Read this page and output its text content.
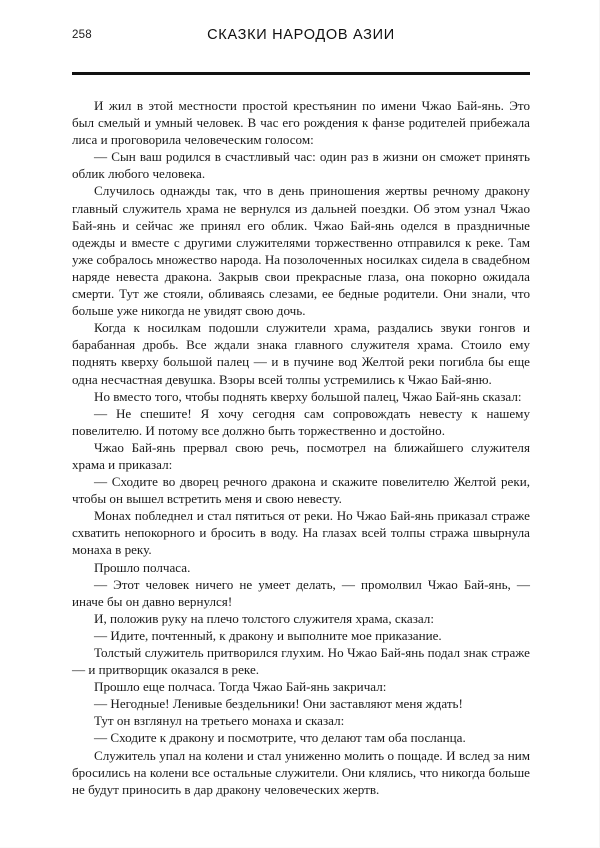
258	СКАЗКИ НАРОДОВ АЗИИ

И жил в этой местности простой крестьянин по имени Чжао Бай-янь. Это был смелый и умный человек. В час его рождения к фанзе родителей прибежала лиса и проговорила человеческим голосом:

— Сын ваш родился в счастливый час: один раз в жизни он сможет принять облик любого человека.

Случилось однажды так, что в день приношения жертвы речному дракону главный служитель храма не вернулся из дальней поездки. Об этом узнал Чжао Бай-янь и сейчас же принял его облик. Чжао Бай-янь оделся в праздничные одежды и вместе с другими служителями торжественно отправился к реке. Там уже собралось множество народа. На позолоченных носилках сидела в свадебном наряде невеста дракона. Закрыв свои прекрасные глаза, она покорно ожидала смерти. Тут же стояли, обливаясь слезами, ее бедные родители. Они знали, что больше уже никогда не увидят свою дочь.

Когда к носилкам подошли служители храма, раздались звуки гонгов и барабанная дробь. Все ждали знака главного служителя храма. Стоило ему поднять кверху большой палец — и в пучине вод Желтой реки погибла бы еще одна несчастная девушка. Взоры всей толпы устремились к Чжао Бай-яню.

Но вместо того, чтобы поднять кверху большой палец, Чжао Бай-янь сказал:

— Не спешите! Я хочу сегодня сам сопровождать невесту к нашему повелителю. И потому все должно быть торжественно и достойно.

Чжао Бай-янь прервал свою речь, посмотрел на ближайшего служителя храма и приказал:

— Сходите во дворец речного дракона и скажите повелителю Желтой реки, чтобы он вышел встретить меня и свою невесту.

Монах побледнел и стал пятиться от реки. Но Чжао Бай-янь приказал страже схватить непокорного и бросить в воду. На глазах всей толпы стража швырнула монаха в реку.

Прошло полчаса.

— Этот человек ничего не умеет делать, — промолвил Чжао Бай-янь, — иначе бы он давно вернулся!

И, положив руку на плечо толстого служителя храма, сказал:

— Идите, почтенный, к дракону и выполните мое приказание.

Толстый служитель притворился глухим. Но Чжао Бай-янь подал знак страже — и притворщик оказался в реке.

Прошло еще полчаса. Тогда Чжао Бай-янь закричал:

— Негодные! Ленивые бездельники! Они заставляют меня ждать!

Тут он взглянул на третьего монаха и сказал:

— Сходите к дракону и посмотрите, что делают там оба посланца.

Служитель упал на колени и стал униженно молить о пощаде. И вслед за ним бросились на колени все остальные служители. Они клялись, что никогда больше не будут приносить в дар дракону человеческих жертв.
